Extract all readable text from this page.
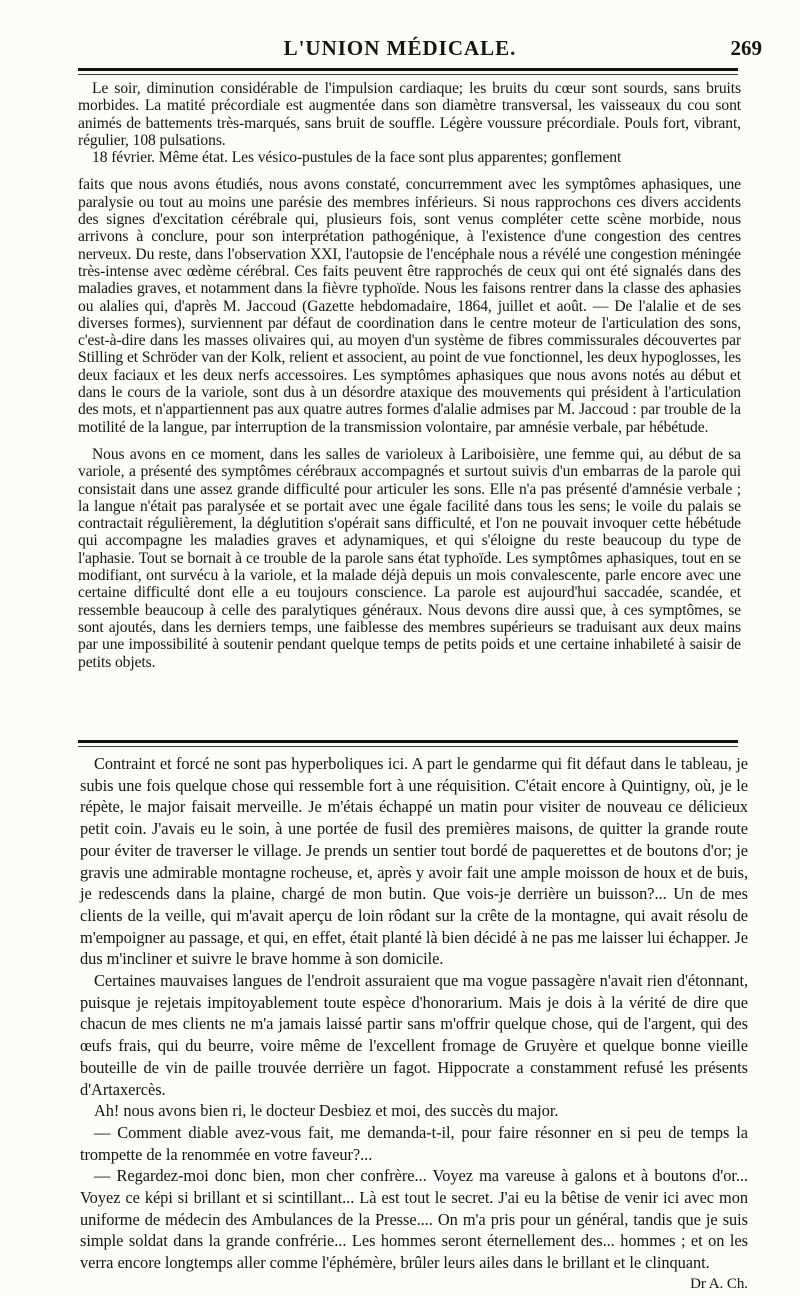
L'UNION MÉDICALE.	269

Le soir, diminution considérable de l'impulsion cardiaque; les bruits du cœur sont sourds, sans bruits morbides. La matité précordiale est augmentée dans son diamètre transversal, les vaisseaux du cou sont animés de battements très-marqués, sans bruit de souffle. Légère voussure précordiale. Pouls fort, vibrant, régulier, 108 pulsations.

18 février. Même état. Les vésico-pustules de la face sont plus apparentes; gonflement

faits que nous avons étudiés, nous avons constaté, concurremment avec les symptômes aphasiques, une paralysie ou tout au moins une parésie des membres inférieurs. Si nous rapprochons ces divers accidents des signes d'excitation cérébrale qui, plusieurs fois, sont venus compléter cette scène morbide, nous arrivons à conclure, pour son interprétation pathogénique, à l'existence d'une congestion des centres nerveux. Du reste, dans l'observation XXI, l'autopsie de l'encéphale nous a révélé une congestion méningée très-intense avec œdème cérébral. Ces faits peuvent être rapprochés de ceux qui ont été signalés dans des maladies graves, et notamment dans la fièvre typhoïde. Nous les faisons rentrer dans la classe des aphasies ou alalies qui, d'après M. Jaccoud (Gazette hebdomadaire, 1864, juillet et août. — De l'alalie et de ses diverses formes), surviennent par défaut de coordination dans le centre moteur de l'articulation des sons, c'est-à-dire dans les masses olivaires qui, au moyen d'un système de fibres commissurales découvertes par Stilling et Schröder van der Kolk, relient et associent, au point de vue fonctionnel, les deux hypoglosses, les deux faciaux et les deux nerfs accessoires. Les symptômes aphasiques que nous avons notés au début et dans le cours de la variole, sont dus à un désordre ataxique des mouvements qui président à l'articulation des mots, et n'appartiennent pas aux quatre autres formes d'alalie admises par M. Jaccoud : par trouble de la motilité de la langue, par interruption de la transmission volontaire, par amnésie verbale, par hébétude.

Nous avons en ce moment, dans les salles de varioleux à Lariboisière, une femme qui, au début de sa variole, a présenté des symptômes cérébraux accompagnés et surtout suivis d'un embarras de la parole qui consistait dans une assez grande difficulté pour articuler les sons. Elle n'a pas présenté d'amnésie verbale ; la langue n'était pas paralysée et se portait avec une égale facilité dans tous les sens; le voile du palais se contractait régulièrement, la déglutition s'opérait sans difficulté, et l'on ne pouvait invoquer cette hébétude qui accompagne les maladies graves et adynamiques, et qui s'éloigne du reste beaucoup du type de l'aphasie. Tout se bornait à ce trouble de la parole sans état typhoïde. Les symptômes aphasiques, tout en se modifiant, ont survécu à la variole, et la malade déjà depuis un mois convalescente, parle encore avec une certaine difficulté dont elle a eu toujours conscience. La parole est aujourd'hui saccadée, scandée, et ressemble beaucoup à celle des paralytiques généraux. Nous devons dire aussi que, à ces symptômes, se sont ajoutés, dans les derniers temps, une faiblesse des membres supérieurs se traduisant aux deux mains par une impossibilité à soutenir pendant quelque temps de petits poids et une certaine inhabileté à saisir de petits objets.

Contraint et forcé ne sont pas hyperboliques ici. A part le gendarme qui fit défaut dans le tableau, je subis une fois quelque chose qui ressemble fort à une réquisition. C'était encore à Quintigny, où, je le répète, le major faisait merveille. Je m'étais échappé un matin pour visiter de nouveau ce délicieux petit coin. J'avais eu le soin, à une portée de fusil des premières maisons, de quitter la grande route pour éviter de traverser le village. Je prends un sentier tout bordé de paquerettes et de boutons d'or; je gravis une admirable montagne rocheuse, et, après y avoir fait une ample moisson de houx et de buis, je redescends dans la plaine, chargé de mon butin. Que vois-je derrière un buisson?... Un de mes clients de la veille, qui m'avait aperçu de loin rôdant sur la crête de la montagne, qui avait résolu de m'empoigner au passage, et qui, en effet, était planté là bien décidé à ne pas me laisser lui échapper. Je dus m'incliner et suivre le brave homme à son domicile.

Certaines mauvaises langues de l'endroit assuraient que ma vogue passagère n'avait rien d'étonnant, puisque je rejetais impitoyablement toute espèce d'honorarium. Mais je dois à la vérité de dire que chacun de mes clients ne m'a jamais laissé partir sans m'offrir quelque chose, qui de l'argent, qui des œufs frais, qui du beurre, voire même de l'excellent fromage de Gruyère et quelque bonne vieille bouteille de vin de paille trouvée derrière un fagot. Hippocrate a constamment refusé les présents d'Artaxercès.

Ah! nous avons bien ri, le docteur Desbiez et moi, des succès du major.

— Comment diable avez-vous fait, me demanda-t-il, pour faire résonner en si peu de temps la trompette de la renommée en votre faveur?...

— Regardez-moi donc bien, mon cher confrère... Voyez ma vareuse à galons et à boutons d'or... Voyez ce képi si brillant et si scintillant... Là est tout le secret. J'ai eu la bêtise de venir ici avec mon uniforme de médecin des Ambulances de la Presse.... On m'a pris pour un général, tandis que je suis simple soldat dans la grande confrérie... Les hommes seront éternellement des... hommes ; et on les verra encore longtemps aller comme l'éphémère, brûler leurs ailes dans le brillant et le clinquant.
Dr A. Ch.
